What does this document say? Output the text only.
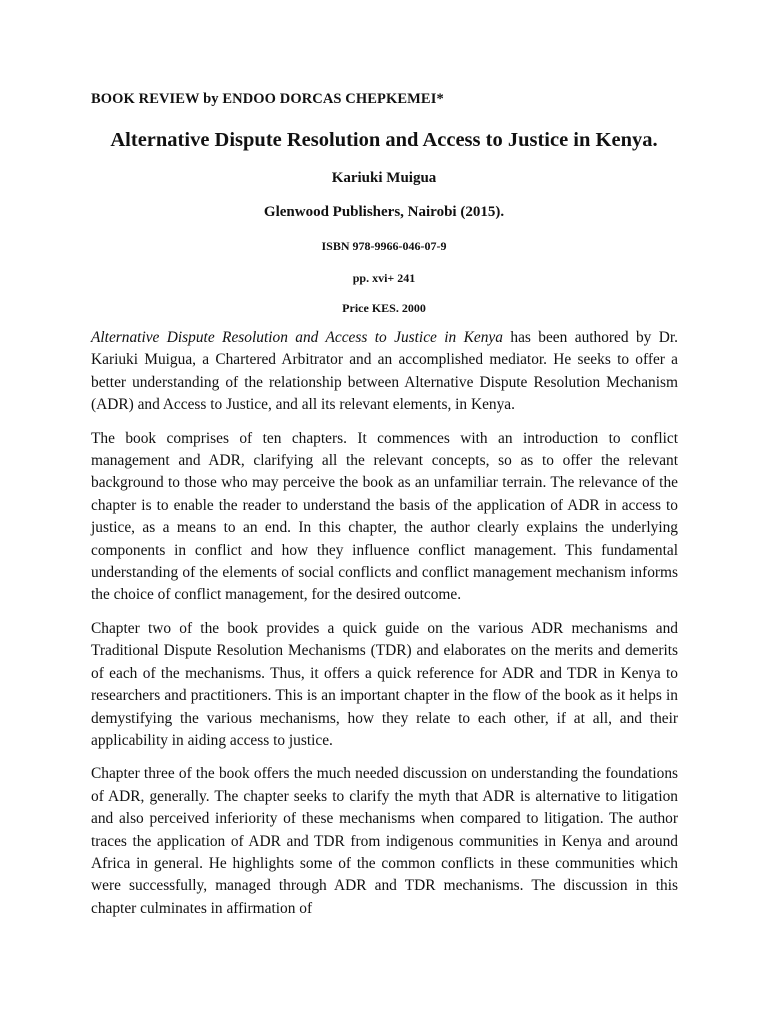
BOOK REVIEW by ENDOO DORCAS CHEPKEMEI*
Alternative Dispute Resolution and Access to Justice in Kenya.

Kariuki Muigua

Glenwood Publishers, Nairobi (2015).

ISBN 978-9966-046-07-9

pp. xvi+ 241

Price KES. 2000

Alternative Dispute Resolution and Access to Justice in Kenya has been authored by Dr. Kariuki Muigua, a Chartered Arbitrator and an accomplished mediator. He seeks to offer a better understanding of the relationship between Alternative Dispute Resolution Mechanism (ADR) and Access to Justice, and all its relevant elements, in Kenya.

The book comprises of ten chapters. It commences with an introduction to conflict management and ADR, clarifying all the relevant concepts, so as to offer the relevant background to those who may perceive the book as an unfamiliar terrain. The relevance of the chapter is to enable the reader to understand the basis of the application of ADR in access to justice, as a means to an end. In this chapter, the author clearly explains the underlying components in conflict and how they influence conflict management. This fundamental understanding of the elements of social conflicts and conflict management mechanism informs the choice of conflict management, for the desired outcome.

Chapter two of the book provides a quick guide on the various ADR mechanisms and Traditional Dispute Resolution Mechanisms (TDR) and elaborates on the merits and demerits of each of the mechanisms. Thus, it offers a quick reference for ADR and TDR in Kenya to researchers and practitioners. This is an important chapter in the flow of the book as it helps in demystifying the various mechanisms, how they relate to each other, if at all, and their applicability in aiding access to justice.

Chapter three of the book offers the much needed discussion on understanding the foundations of ADR, generally. The chapter seeks to clarify the myth that ADR is alternative to litigation and also perceived inferiority of these mechanisms when compared to litigation. The author traces the application of ADR and TDR from indigenous communities in Kenya and around Africa in general. He highlights some of the common conflicts in these communities which were successfully, managed through ADR and TDR mechanisms. The discussion in this chapter culminates in affirmation of
